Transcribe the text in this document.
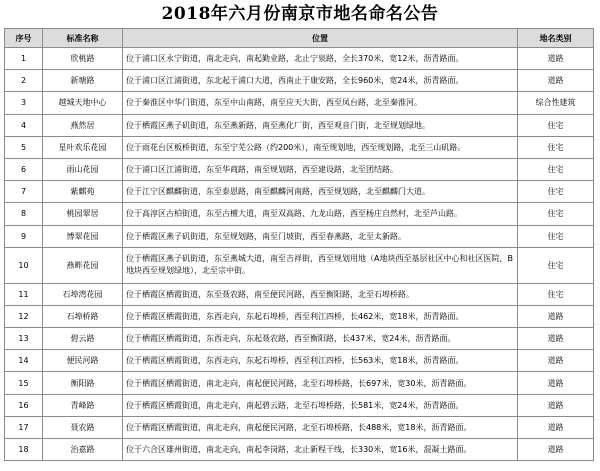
2018年六月份南京市地名命名公告
序号	标准名称	位置	地名类别
1	欣桃路	位于浦口区永宁街道，南北走向，南起勤业路，北止宁泉路，全长370米，宽12米，沥青路面。	道路
2	新塘路	位于浦口区江浦街道，东北起于浦口大道，西南止于康安路，全长960米，宽24米，沥青路面。	道路
3	越城天地中心	位于秦淮区中华门街道，东至中山南路，南至应天大街，西至凤台路，北至秦淮河。	综合性建筑
4	燕然居	位于栖霞区燕子矶街道，东至燕新路，南至燕化厂街，西至观音门街，北至规划绿地。	住宅
5	星叶欢乐花园	位于雨花台区板桥街道，东至宁芜公路（约200米），南至规划地，西至规划路，北至三山矶路。	住宅
6	雨山花园	位于浦口区江浦街道，东至华商路，南至规划路，西至建设路，北至团结路。	住宅
7	紫麒苑	位于江宁区麒麟街道，东至泰恩路，南至麒麟河南路，西至规划路，北至麒麟门大道。	住宅
8	桃园翠居	位于高淳区古柏街道，东至古檀大道，南至双高路、九龙山路，西至杨庄自然村，北至芦山路。	住宅
9	博翠花园	位于栖霞区燕子矶街道，东至规划路，南至门坡街，西至春燕路，北至太新路。	住宅
10	燕畔花园	位于栖霞区燕子矶街道，东至燕城大道，南至吉祥街，西至规划用地（A地块西至基层社区中心和社区医院，B地块西至规划绿地），北至宗中街。	住宅
11	石埠湾花园	位于栖霞区栖霞街道，东至聂农路，南至便民河路，西至衡阳路，北至石埠桥路。	住宅
12	石埠桥路	位于栖霞区栖霞街道，东西走向，东起石埠桥，西至利江四桥，长462米，宽18米，沥青路面。	道路
13	碧云路	位于栖霞区栖霞街道，东西走向，东起聂农路，西至衡阳路，长437米，宽24米，沥青路面。	道路
14	便民河路	位于栖霞区栖霞街道，东西走向，东起石埠桥，西至利江四桥，长563米，宽18米，沥青路面。	道路
15	衡阳路	位于栖霞区栖霞街道，南北走向，南起便民河路，北至石埠桥路，长697米，宽30米，沥青路面。	道路
16	青峰路	位于栖霞区栖霞街道，南北走向，南起碧云路，北至石埠桥路，长581米，宽24米，沥青路面。	道路
17	聂农路	位于栖霞区栖霞街道，南北走向，南起便民河路，北至石埠桥路，长488米，宽18米，沥青路面。	道路
18	治嘉路	位于六合区雄州街道，南北走向，南起李岗路，北止新程干线，长330米，宽16米，混凝土路面。	道路
